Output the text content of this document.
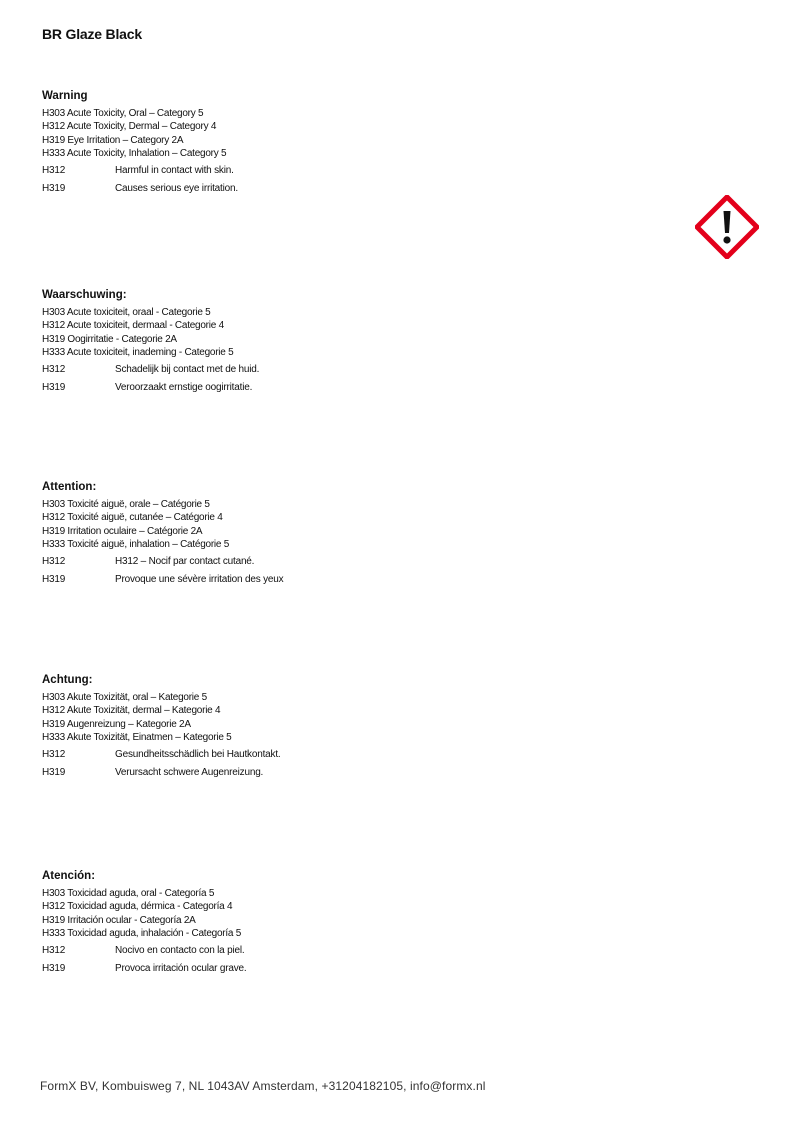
BR Glaze Black
Warning
H303 Acute Toxicity, Oral – Category 5
H312 Acute Toxicity, Dermal – Category 4
H319 Eye Irritation – Category 2A
H333 Acute Toxicity, Inhalation – Category 5
H312	Harmful in contact with skin.
H319	Causes serious eye irritation.
Waarschuwing:
H303 Acute toxiciteit, oraal - Categorie 5
H312 Acute toxiciteit, dermaal - Categorie 4
H319 Oogirritatie - Categorie 2A
H333 Acute toxiciteit, inademing - Categorie 5
H312	Schadelijk bij contact met de huid.
H319	Veroorzaakt ernstige oogirritatie.
Attention:
H303 Toxicité aiguë, orale – Catégorie 5
H312 Toxicité aiguë, cutanée – Catégorie 4
H319 Irritation oculaire – Catégorie 2A
H333 Toxicité aiguë, inhalation – Catégorie 5
H312	H312 – Nocif par contact cutané.
H319	Provoque une sévère irritation des yeux
Achtung:
H303 Akute Toxizität, oral – Kategorie 5
H312 Akute Toxizität, dermal – Kategorie 4
H319 Augenreizung – Kategorie 2A
H333 Akute Toxizität, Einatmen – Kategorie 5
H312	Gesundheitsschädlich bei Hautkontakt.
H319	Verursacht schwere Augenreizung.
Atención:
H303 Toxicidad aguda, oral - Categoría 5
H312 Toxicidad aguda, dérmica - Categoría 4
H319 Irritación ocular - Categoría 2A
H333 Toxicidad aguda, inhalación - Categoría 5
H312	Nocivo en contacto con la piel.
H319	Provoca irritación ocular grave.
FormX BV, Kombuisweg 7, NL 1043AV Amsterdam, +31204182105, info@formx.nl
